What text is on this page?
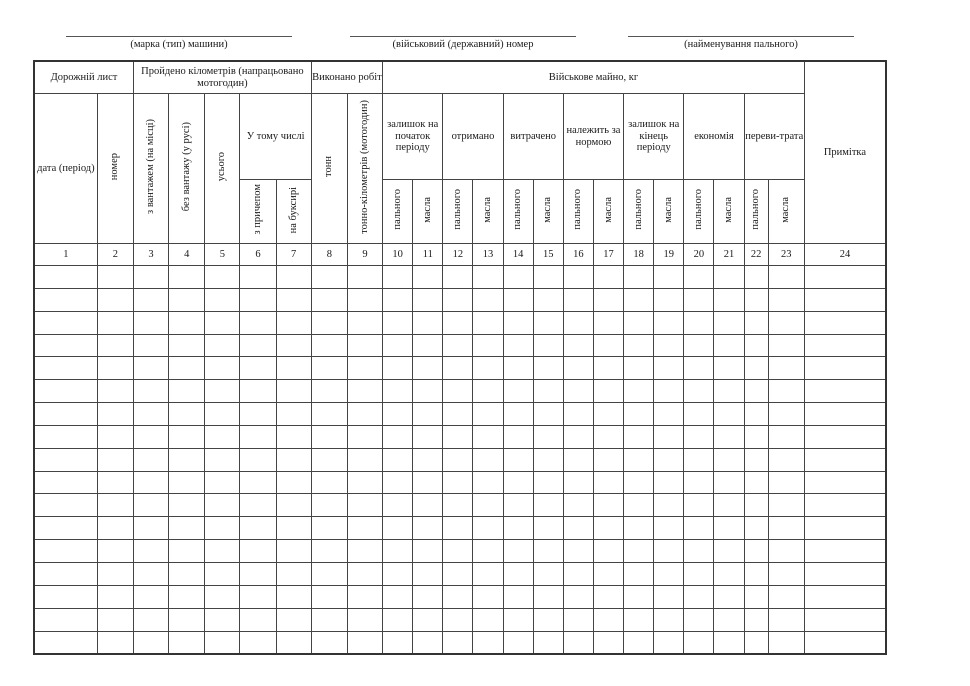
(марка (тип) машини)	(військовий (державний) номер	(найменування пального)
Дорожній лист		Пройдено кілометрів (напрацьовано мотогодин)					Виконано робіт		Військове майно, кг														Примітка
дата (період)	номер	з вантажем (на місці)	без вантажу (у русі)	усього	У тому числі		тонн	тонно-кілометрів (мотогодин)	залишок на початок періоду		отримано		витрачено		належить за нормою		залишок на кінець періоду		економія		переви-трата		
					з причепом	на буксирі			пального	масла	пального	масла	пального	масла	пального	масла	пального	масла	пального	масла	пального	масла	
1	2	3	4	5	6	7	8	9	10	11	12	13	14	15	16	17	18	19	20	21	22	23	24
